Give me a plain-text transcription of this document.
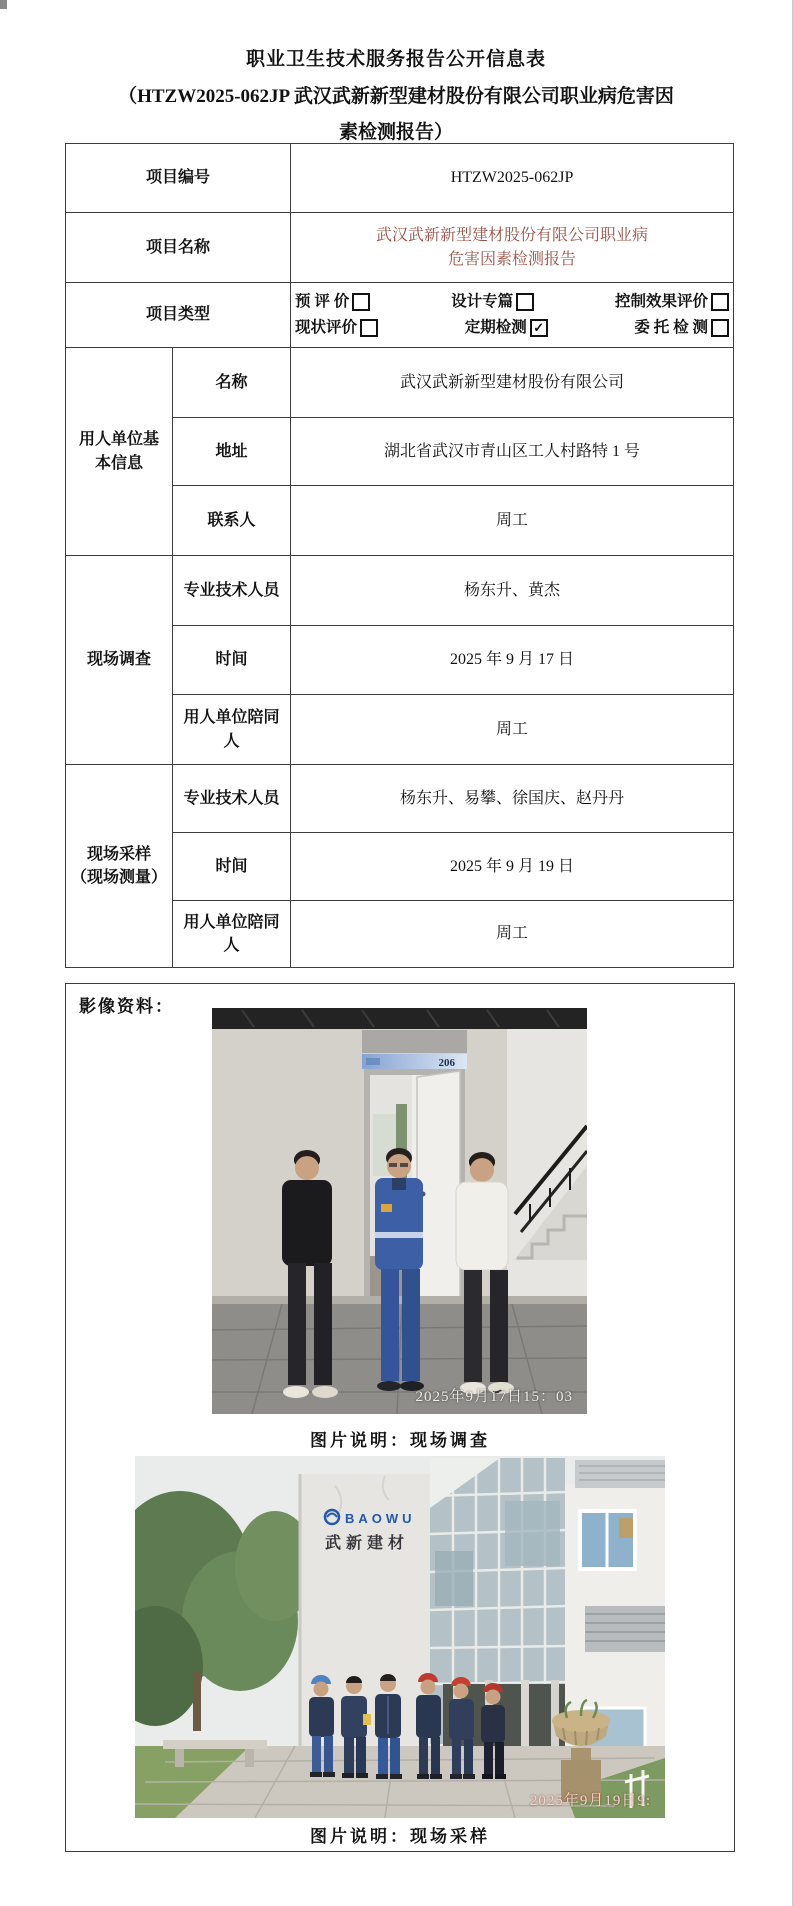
职业卫生技术服务报告公开信息表
（HTZW2025-062JP 武汉武新新型建材股份有限公司职业病危害因
素检测报告）
项目编号		HTZW2025-062JP
项目名称		武汉武新新型建材股份有限公司职业病
危害因素检测报告

项目类型	
预 评 价	设计专篇	控制效果评价
现状评价	定期检测 ✓	委 托 检 测

用人单位基
本信息	名称	武汉武新新型建材股份有限公司
	地址	湖北省武汉市青山区工人村路特 1 号
	联系人	周工
现场调查	专业技术人员	杨东升、黄杰
	时间	2025 年 9 月 17 日
	用人单位陪同人	周工

现场采样
（现场测量）	专业技术人员	杨东升、易攀、徐国庆、赵丹丹
	时间	2025 年 9 月 19 日
	用人单位陪同人	周工
影像资料：
206
2025年9月17日15：03
图片说明：现场调查
BAOWU
武新建材
2025年9月19日9:
图片说明：现场采样
